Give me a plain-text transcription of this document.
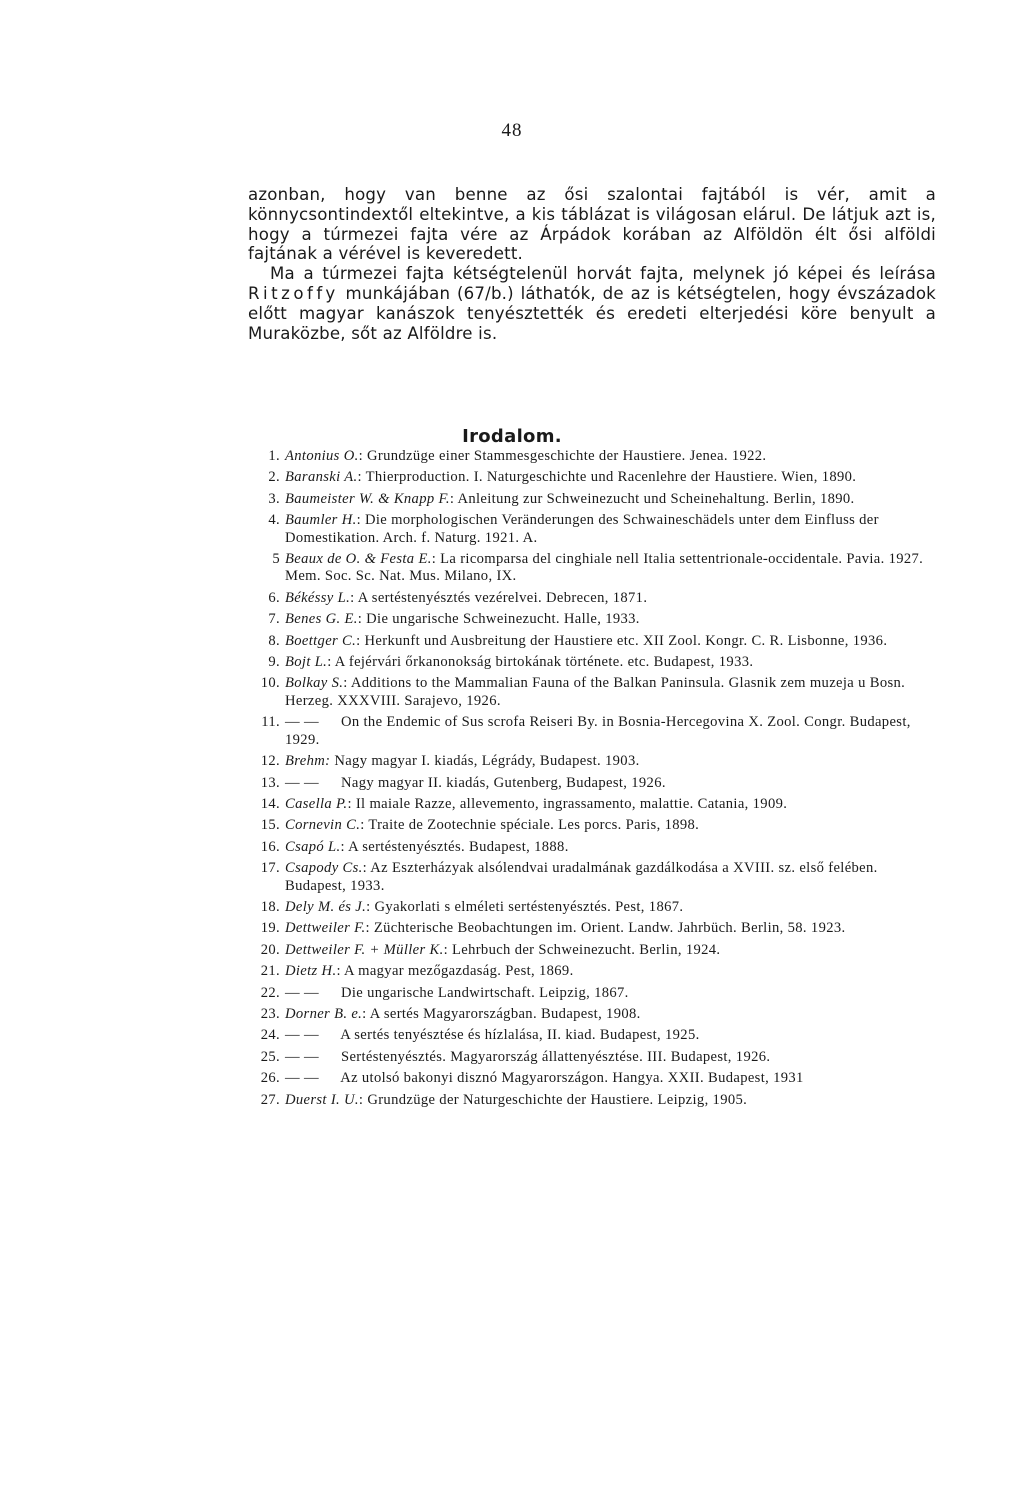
48

azonban, hogy van benne az ősi szalontai fajtából is vér, amit a könnycsontindextől eltekintve, a kis táblázat is világosan elárul. De látjuk azt is, hogy a túrmezei fajta vére az Árpádok korában az Alföldön élt ősi alföldi fajtának a vérével is keveredett.

Ma a túrmezei fajta kétségtelenül horvát fajta, melynek jó képei és leírása Ritzoffy munkájában (67/b.) láthatók, de az is kétségtelen, hogy évszázadok előtt magyar kanászok tenyésztették és eredeti elterjedési köre benyult a Muraközbe, sőt az Alföldre is.

Irodalom.
1. Antonius O.: Grundzüge einer Stammesgeschichte der Haustiere. Jenea. 1922.
2. Baranski A.: Thierproduction. I. Naturgeschichte und Racenlehre der Haustiere. Wien, 1890.
3. Baumeister W. & Knapp F.: Anleitung zur Schweinezucht und Scheinehaltung. Berlin, 1890.
4. Baumler H.: Die morphologischen Veränderungen des Schwaineschädels unter dem Einfluss der Domestikation. Arch. f. Naturg. 1921. A.
5 Beaux de O. & Festa E.: La ricomparsa del cinghiale nell Italia settentrionale-occidentale. Pavia. 1927. Mem. Soc. Sc. Nat. Mus. Milano, IX.
6. Békéssy L.: A sertéstenyésztés vezérelvei. Debrecen, 1871.
7. Benes G. E.: Die ungarische Schweinezucht. Halle, 1933.
8. Boettger C.: Herkunft und Ausbreitung der Haustiere etc. XII Zool. Kongr. C. R. Lisbonne, 1936.
9. Bojt L.: A fejérvári őrkanonokság birtokának története. etc. Budapest, 1933.
10. Bolkay S.: Additions to the Mammalian Fauna of the Balkan Paninsula. Glasnik zem muzeja u Bosn. Herzeg. XXXVIII. Sarajevo, 1926.
11. — — On the Endemic of Sus scrofa Reiseri By. in Bosnia-Hercegovina X. Zool. Congr. Budapest, 1929.
12. Brehm: Nagy magyar I. kiadás, Légrády, Budapest. 1903.
13. — — Nagy magyar II. kiadás, Gutenberg, Budapest, 1926.
14. Casella P.: Il maiale Razze, allevemento, ingrassamento, malattie. Catania, 1909.
15. Cornevin C.: Traite de Zootechnie spéciale. Les porcs. Paris, 1898.
16. Csapó L.: A sertéstenyésztés. Budapest, 1888.
17. Csapody Cs.: Az Eszterházyak alsólendvai uradalmának gazdálkodása a XVIII. sz. első felében. Budapest, 1933.
18. Dely M. és J.: Gyakorlati s elméleti sertéstenyésztés. Pest, 1867.
19. Dettweiler F.: Züchterische Beobachtungen im. Orient. Landw. Jahrbüch. Berlin, 58. 1923.
20. Dettweiler F. + Müller K.: Lehrbuch der Schweinezucht. Berlin, 1924.
21. Dietz H.: A magyar mezőgazdaság. Pest, 1869.
22. — — Die ungarische Landwirtschaft. Leipzig, 1867.
23. Dorner B. e.: A sertés Magyarországban. Budapest, 1908.
24. — — A sertés tenyésztése és hízlalása, II. kiad. Budapest, 1925.
25. — — Sertéstenyésztés. Magyarország állattenyésztése. III. Budapest, 1926.
26. — — Az utolsó bakonyi disznó Magyarországon. Hangya. XXII. Budapest, 1931
27. Duerst I. U.: Grundzüge der Naturgeschichte der Haustiere. Leipzig, 1905.
